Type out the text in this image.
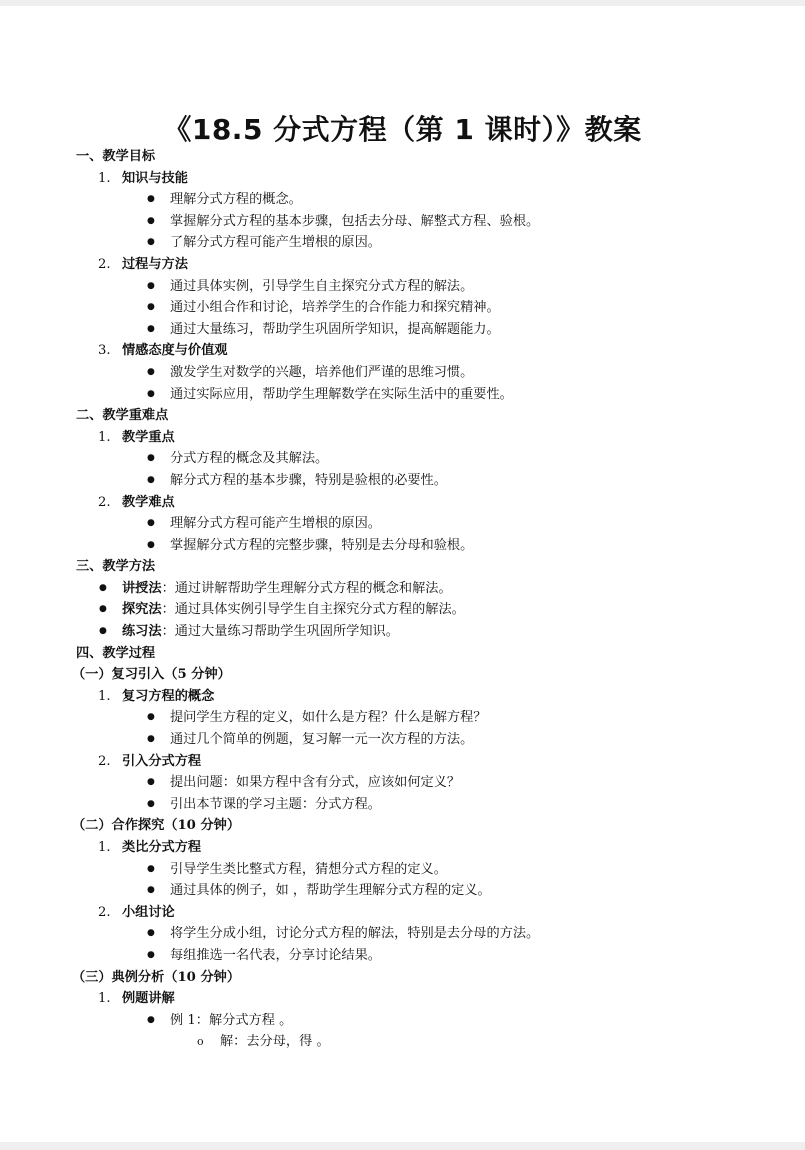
《18.5 分式方程（第 1 课时）》教案
一、教学目标
1. 知识与技能
● 理解分式方程的概念。
● 掌握解分式方程的基本步骤，包括去分母、解整式方程、验根。
● 了解分式方程可能产生增根的原因。
2. 过程与方法
● 通过具体实例，引导学生自主探究分式方程的解法。
● 通过小组合作和讨论，培养学生的合作能力和探究精神。
● 通过大量练习，帮助学生巩固所学知识，提高解题能力。
3. 情感态度与价值观
● 激发学生对数学的兴趣，培养他们严谨的思维习惯。
● 通过实际应用，帮助学生理解数学在实际生活中的重要性。
二、教学重难点
1. 教学重点
● 分式方程的概念及其解法。
● 解分式方程的基本步骤，特别是验根的必要性。
2. 教学难点
● 理解分式方程可能产生增根的原因。
● 掌握解分式方程的完整步骤，特别是去分母和验根。
三、教学方法
● 讲授法：通过讲解帮助学生理解分式方程的概念和解法。
● 探究法：通过具体实例引导学生自主探究分式方程的解法。
● 练习法：通过大量练习帮助学生巩固所学知识。
四、教学过程
（一）复习引入（5 分钟）
1. 复习方程的概念
● 提问学生方程的定义，如什么是方程？什么是解方程？
● 通过几个简单的例题，复习解一元一次方程的方法。
2. 引入分式方程
● 提出问题：如果方程中含有分式，应该如何定义？
● 引出本节课的学习主题：分式方程。
（二）合作探究（10 分钟）
1. 类比分式方程
● 引导学生类比整式方程，猜想分式方程的定义。
● 通过具体的例子，如 ，帮助学生理解分式方程的定义。
2. 小组讨论
● 将学生分成小组，讨论分式方程的解法，特别是去分母的方法。
● 每组推选一名代表，分享讨论结果。
（三）典例分析（10 分钟）
1. 例题讲解
● 例 1：解分式方程 。
o 解：去分母，得 。
